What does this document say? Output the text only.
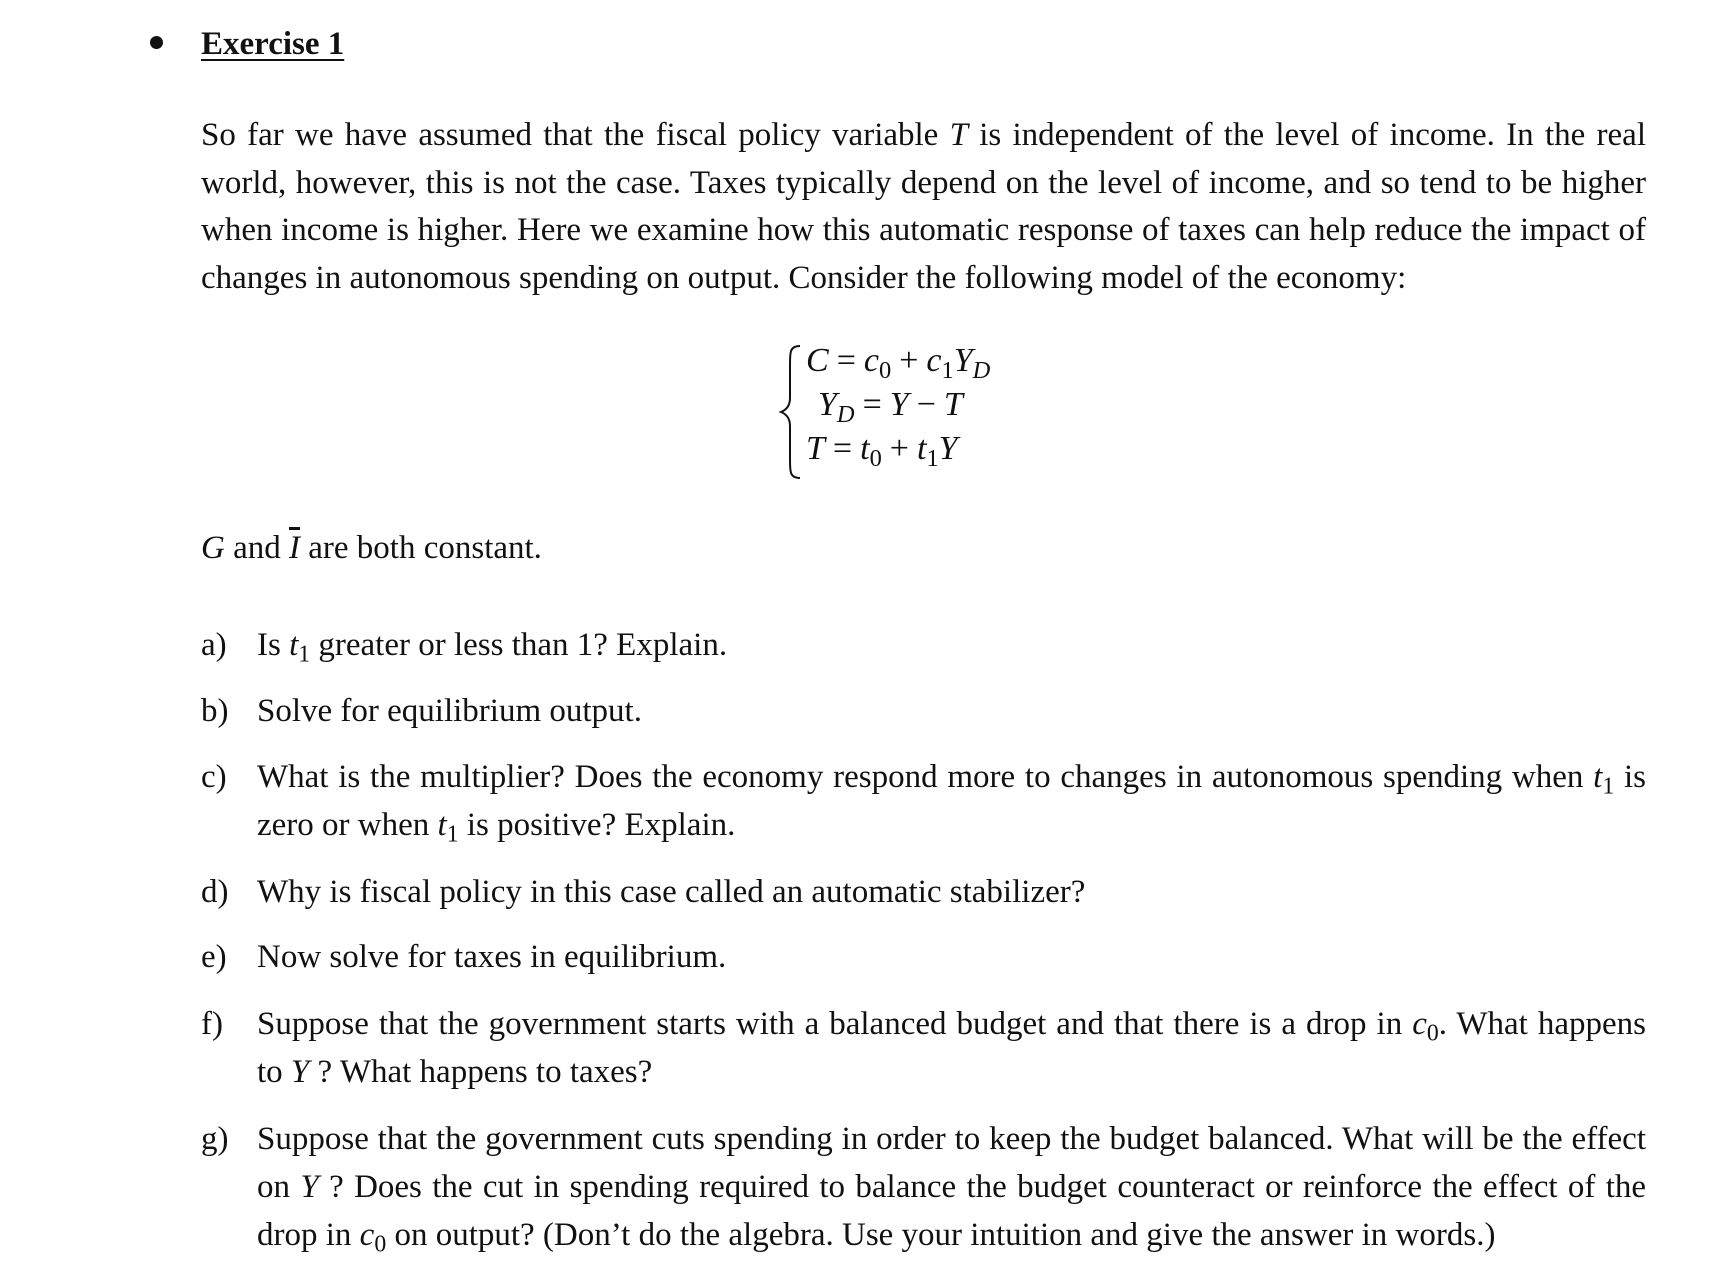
Exercise 1
So far we have assumed that the fiscal policy variable T is independent of the level of income. In the real world, however, this is not the case. Taxes typically depend on the level of income, and so tend to be higher when income is higher. Here we examine how this automatic response of taxes can help reduce the impact of changes in autonomous spending on output. Consider the following model of the economy:
$C = c_0 + c_1Y_D$
$Y_D = Y - T$
$T = t_0 + t_1Y$
G and $\overline{I}$ are both constant.
a) Is $t_1$ greater or less than 1? Explain.
b) Solve for equilibrium output.
c) What is the multiplier? Does the economy respond more to changes in autonomous spending when $t_1$ is zero or when $t_1$ is positive? Explain.
d) Why is fiscal policy in this case called an automatic stabilizer?
e) Now solve for taxes in equilibrium.
f) Suppose that the government starts with a balanced budget and that there is a drop in $c_0$. What happens to Y ? What happens to taxes?
g) Suppose that the government cuts spending in order to keep the budget balanced. What will be the effect on Y ? Does the cut in spending required to balance the budget counteract or reinforce the effect of the drop in $c_0$ on output? (Don’t do the algebra. Use your intuition and give the answer in words.)
